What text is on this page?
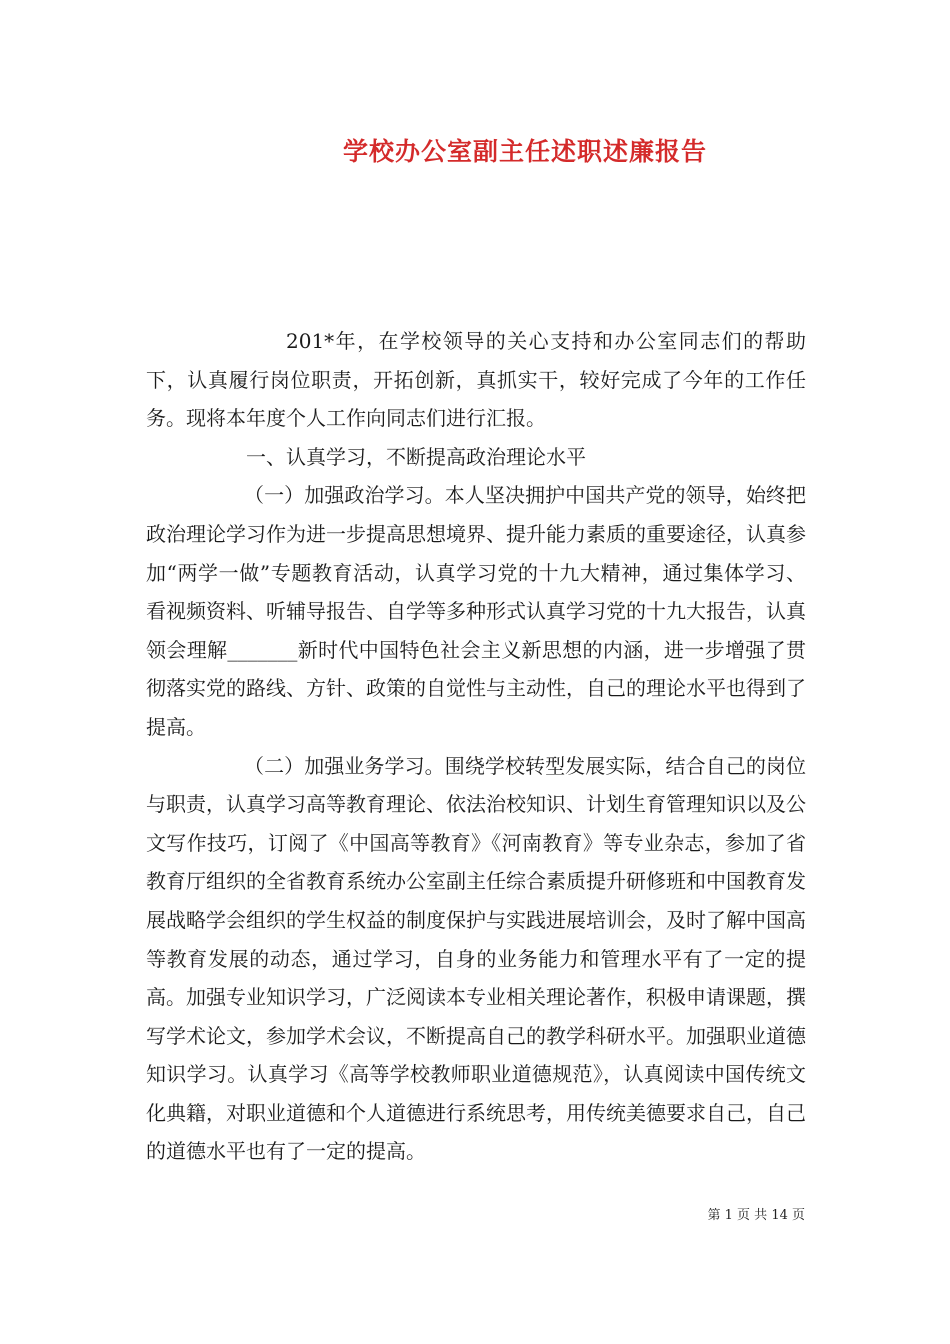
学校办公室副主任述职述廉报告

201*年，在学校领导的关心支持和办公室同志们的帮助下，认真履行岗位职责，开拓创新，真抓实干，较好完成了今年的工作任务。现将本年度个人工作向同志们进行汇报。

一、认真学习，不断提高政治理论水平

（一）加强政治学习。本人坚决拥护中国共产党的领导，始终把政治理论学习作为进一步提高思想境界、提升能力素质的重要途径，认真参加“两学一做”专题教育活动，认真学习党的十九大精神，通过集体学习、看视频资料、听辅导报告、自学等多种形式认真学习党的十九大报告，认真领会理解_______新时代中国特色社会主义新思想的内涵，进一步增强了贯彻落实党的路线、方针、政策的自觉性与主动性，自己的理论水平也得到了提高。

（二）加强业务学习。围绕学校转型发展实际，结合自己的岗位与职责，认真学习高等教育理论、依法治校知识、计划生育管理知识以及公文写作技巧，订阅了《中国高等教育》《河南教育》等专业杂志，参加了省教育厅组织的全省教育系统办公室副主任综合素质提升研修班和中国教育发展战略学会组织的学生权益的制度保护与实践进展培训会，及时了解中国高等教育发展的动态，通过学习，自身的业务能力和管理水平有了一定的提高。加强专业知识学习，广泛阅读本专业相关理论著作，积极申请课题，撰写学术论文，参加学术会议，不断提高自己的教学科研水平。加强职业道德知识学习。认真学习《高等学校教师职业道德规范》，认真阅读中国传统文化典籍，对职业道德和个人道德进行系统思考，用传统美德要求自己，自己的道德水平也有了一定的提高。

第 1 页 共 14 页
